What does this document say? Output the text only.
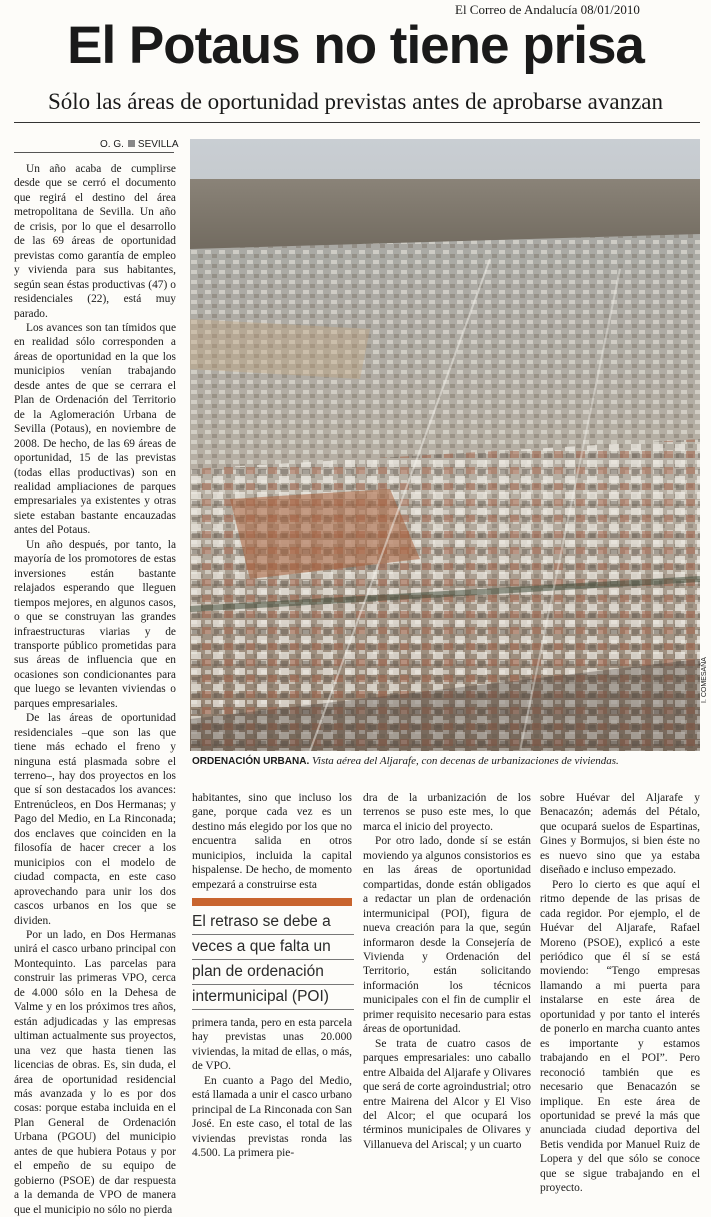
El Correo de Andalucía 08/01/2010
El Potaus no tiene prisa
Sólo las áreas de oportunidad previstas antes de aprobarse avanzan
O. G. SEVILLA

Un año acaba de cumplirse desde que se cerró el documento que regirá el destino del área metropolitana de Sevilla. Un año de crisis, por lo que el desarrollo de las 69 áreas de oportunidad previstas como garantía de empleo y vivienda para sus habitantes, según sean éstas productivas (47) o residenciales (22), está muy parado.

Los avances son tan tímidos que en realidad sólo corresponden a áreas de oportunidad en la que los municipios venían trabajando desde antes de que se cerrara el Plan de Ordenación del Territorio de la Aglomeración Urbana de Sevilla (Potaus), en noviembre de 2008. De hecho, de las 69 áreas de oportunidad, 15 de las previstas (todas ellas productivas) son en realidad ampliaciones de parques empresariales ya existentes y otras siete estaban bastante encauzadas antes del Potaus.

Un año después, por tanto, la mayoría de los promotores de estas inversiones están bastante relajados esperando que lleguen tiempos mejores, en algunos casos, o que se construyan las grandes infraestructuras viarias y de transporte público prometidas para sus áreas de influencia que en ocasiones son condicionantes para que luego se levanten viviendas o parques empresariales.

De las áreas de oportunidad residenciales –que son las que tiene más echado el freno y ninguna está plasmada sobre el terreno–, hay dos proyectos en los que sí son destacados los avances: Entrenúcleos, en Dos Hermanas; y Pago del Medio, en La Rinconada; dos enclaves que coinciden en la filosofía de hacer crecer a los municipios con el modelo de ciudad compacta, en este caso aprovechando para unir los dos cascos urbanos en los que se dividen.

Por un lado, en Dos Hermanas unirá el casco urbano principal con Montequinto. Las parcelas para construir las primeras VPO, cerca de 4.000 sólo en la Dehesa de Valme y en los próximos tres años, están adjudicadas y las empresas ultiman actualmente sus proyectos, una vez que hasta tienen las licencias de obras. Es, sin duda, el área de oportunidad residencial más avanzada y lo es por dos cosas: porque estaba incluida en el Plan General de Ordenación Urbana (PGOU) del municipio antes de que hubiera Potaus y por el empeño de su equipo de gobierno (PSOE) de dar respuesta a la demanda de VPO de manera que el municipio no sólo no pierda

I. COMESAÑA
ORDENACIÓN URBANA. Vista aérea del Aljarafe, con decenas de urbanizaciones de viviendas.

habitantes, sino que incluso los gane, porque cada vez es un destino más elegido por los que no encuentra salida en otros municipios, incluida la capital hispalense. De hecho, de momento empezará a construirse esta

El retraso se debe a
veces a que falta un
plan de ordenación
intermunicipal (POI)

primera tanda, pero en esta parcela hay previstas unas 20.000 viviendas, la mitad de ellas, o más, de VPO.

En cuanto a Pago del Medio, está llamada a unir el casco urbano principal de La Rinconada con San José. En este caso, el total de las viviendas previstas ronda las 4.500. La primera pie-

dra de la urbanización de los terrenos se puso este mes, lo que marca el inicio del proyecto.

Por otro lado, donde sí se están moviendo ya algunos consistorios es en las áreas de oportunidad compartidas, donde están obligados a redactar un plan de ordenación intermunicipal (POI), figura de nueva creación para la que, según informaron desde la Consejería de Vivienda y Ordenación del Territorio, están solicitando información los técnicos municipales con el fin de cumplir el primer requisito necesario para estas áreas de oportunidad.

Se trata de cuatro casos de parques empresariales: uno caballo entre Albaida del Aljarafe y Olivares que será de corte agroindustrial; otro entre Mairena del Alcor y El Viso del Alcor; el que ocupará los términos municipales de Olivares y Villanueva del Ariscal; y un cuarto

sobre Huévar del Aljarafe y Benacazón; además del Pétalo, que ocupará suelos de Espartinas, Gines y Bormujos, si bien éste no es nuevo sino que ya estaba diseñado e incluso empezado.

Pero lo cierto es que aquí el ritmo depende de las prisas de cada regidor. Por ejemplo, el de Huévar del Aljarafe, Rafael Moreno (PSOE), explicó a este periódico que él sí se está moviendo: “Tengo empresas llamando a mi puerta para instalarse en este área de oportunidad y por tanto el interés de ponerlo en marcha cuanto antes es importante y estamos trabajando en el POI”. Pero reconoció también que es necesario que Benacazón se implique. En este área de oportunidad se prevé la más que anunciada ciudad deportiva del Betis vendida por Manuel Ruiz de Lopera y del que sólo se conoce que se sigue trabajando en el proyecto.
